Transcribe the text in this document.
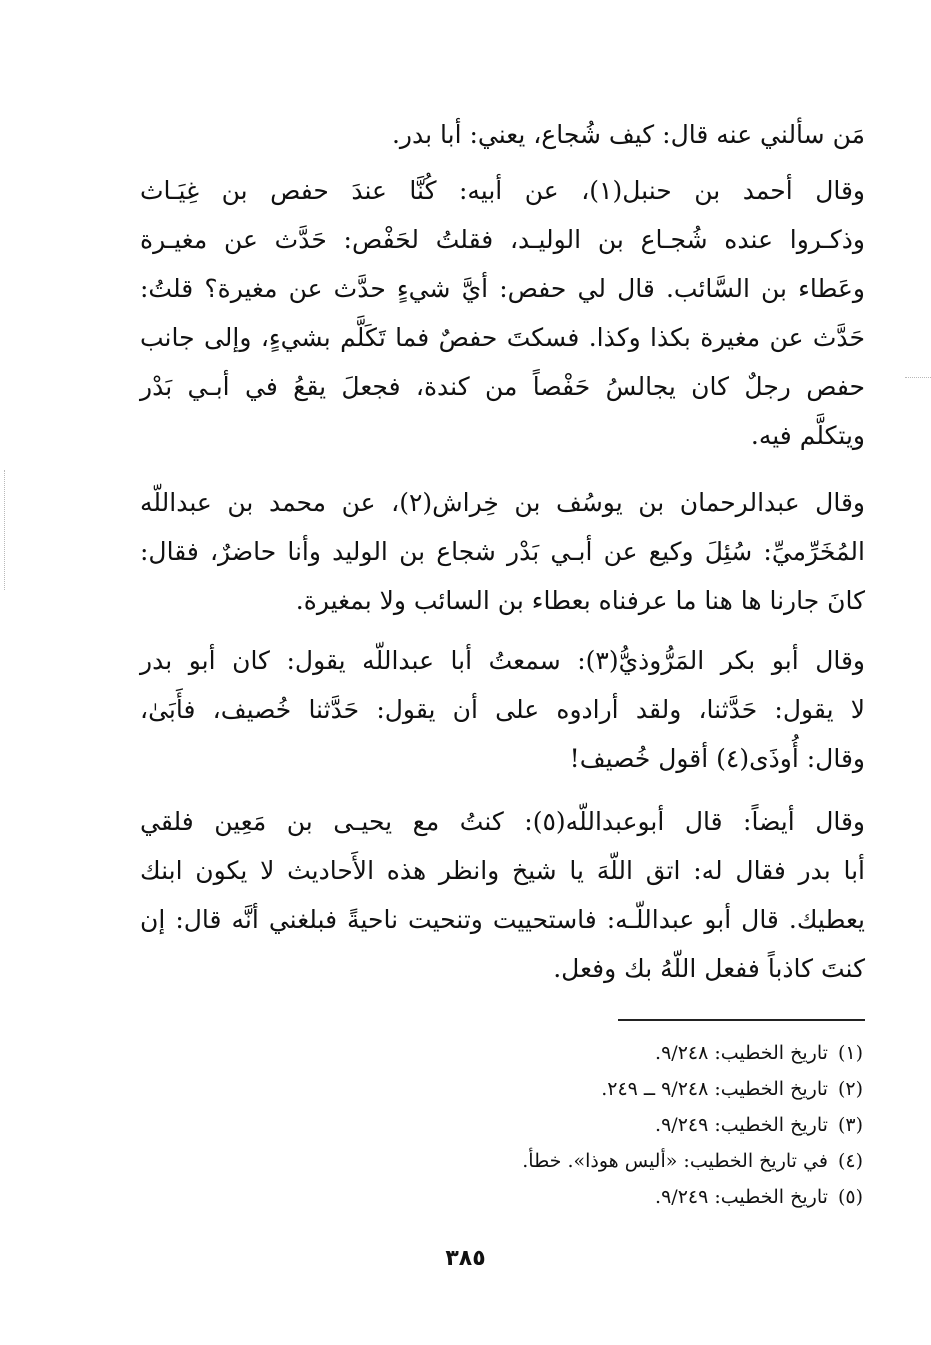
مَن سألني عنه قال: كيف شُجاع، يعني: أبا بدر.
وقال أحمد بن حنبل(١)، عن أبيه: كُنَّا عندَ حفص بن غِيَـاث
وذكـروا عنده شُجـاع بن الوليـد، فقلتُ لحَفْص: حَدَّث عن مغيـرة
وعَطاء بن السَّائب. قال لي حفص: أيَّ شيءٍ حدَّث عن مغيرة؟ قلتُ:
حَدَّث عن مغيرة بكذا وكذا. فسكتَ حفصٌ فما تَكَلَّم بشيءٍ، وإلى جانب
حفص رجلٌ كان يجالسُ حَفْصاً من كندة، فجعلَ يقعُ في أبـي بَدْر
ويتكلَّم فيه.
وقال عبدالرحمان بن يوسُف بن خِراش(٢)، عن محمد بن عبداللّه
المُخَرِّميِّ: سُئِلَ وكيع عن أبـي بَدْر شجاع بن الوليد وأنا حاضرٌ، فقال:
كانَ جارنا ها هنا ما عرفناه بعطاء بن السائب ولا بمغيرة.
وقال أبو بكر المَرُّوذيُّ(٣): سمعتُ أبا عبداللّه يقول: كان أبو بدر
لا يقول: حَدَّثنا، ولقد أرادوه على أن يقول: حَدَّثنا خُصيف، فأَبَىٰ،
وقال: أُوذَى(٤) أقول خُصيف!
وقال أيضاً: قال أبوعبداللّه(٥): كنتُ مع يحيـى بن مَعِين فلقي
أبا بدر فقال له: اتق اللّهَ يا شيخ وانظر هذه الأَحاديث لا يكون ابنك
يعطيك. قال أبو عبداللّـه: فاستحييت وتنحيت ناحيةً فبلغني أنَّه قال: إن
كنتَ كاذباً ففعل اللّهُ بك وفعل.
(١)تاريخ الخطيب: ٩/٢٤٨.
(٢)تاريخ الخطيب: ٩/٢٤٨ ــ ٢٤٩.
(٣)تاريخ الخطيب: ٩/٢٤٩.
(٤)في تاريخ الخطيب: «أليس هوذا». خطأ.
(٥)تاريخ الخطيب: ٩/٢٤٩.
٣٨٥
